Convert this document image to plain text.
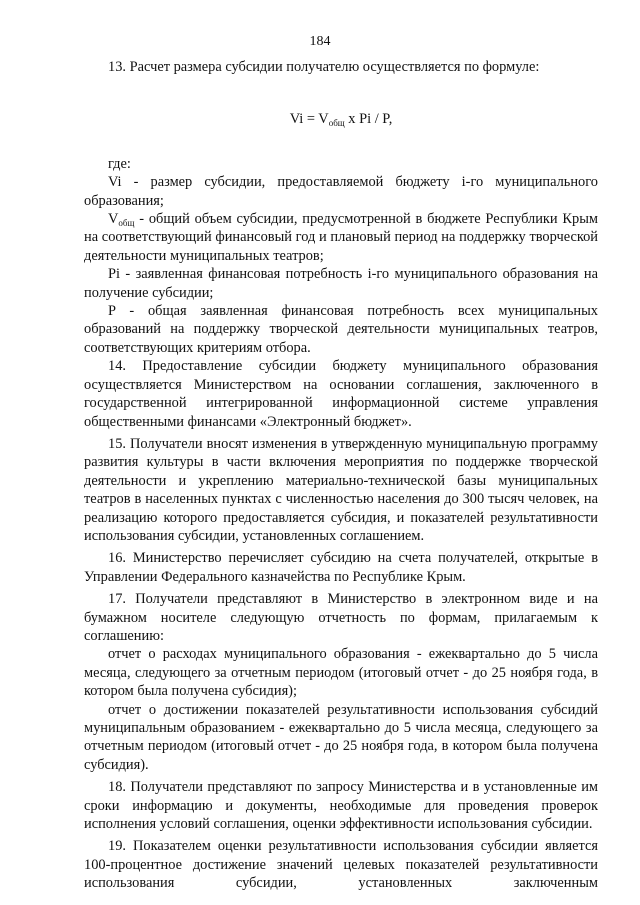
184

13. Расчет размера субсидии получателю осуществляется по формуле:

$Vi = V_{общ}$ x Pi / P,

где:

Vi - размер субсидии, предоставляемой бюджету i-го муниципального образования;

$V_{общ}$ - общий объем субсидии, предусмотренной в бюджете Республики Крым на соответствующий финансовый год и плановый период на поддержку творческой деятельности муниципальных театров;

Pi - заявленная финансовая потребность i-го муниципального образования на получение субсидии;

P - общая заявленная финансовая потребность всех муниципальных образований на поддержку творческой деятельности муниципальных театров, соответствующих критериям отбора.

14. Предоставление субсидии бюджету муниципального образования осуществляется Министерством на основании соглашения, заключенного в государственной интегрированной информационной системе управления общественными финансами «Электронный бюджет».

15. Получатели вносят изменения в утвержденную муниципальную программу развития культуры в части включения мероприятия по поддержке творческой деятельности и укреплению материально-технической базы муниципальных театров в населенных пунктах с численностью населения до 300 тысяч человек, на реализацию которого предоставляется субсидия, и показателей результативности использования субсидии, установленных соглашением.

16. Министерство перечисляет субсидию на счета получателей, открытые в Управлении Федерального казначейства по Республике Крым.

17. Получатели представляют в Министерство в электронном виде и на бумажном носителе следующую отчетность по формам, прилагаемым к соглашению:

отчет о расходах муниципального образования - ежеквартально до 5 числа месяца, следующего за отчетным периодом (итоговый отчет - до 25 ноября года, в котором была получена субсидия);

отчет о достижении показателей результативности использования субсидий муниципальным образованием - ежеквартально до 5 числа месяца, следующего за отчетным периодом (итоговый отчет - до 25 ноября года, в котором была получена субсидия).

18. Получатели представляют по запросу Министерства и в установленные им сроки информацию и документы, необходимые для проведения проверок исполнения условий соглашения, оценки эффективности использования субсидии.

19. Показателем оценки результативности использования субсидии является 100-процентное достижение значений целевых показателей результативности использования субсидии, установленных заключенным
